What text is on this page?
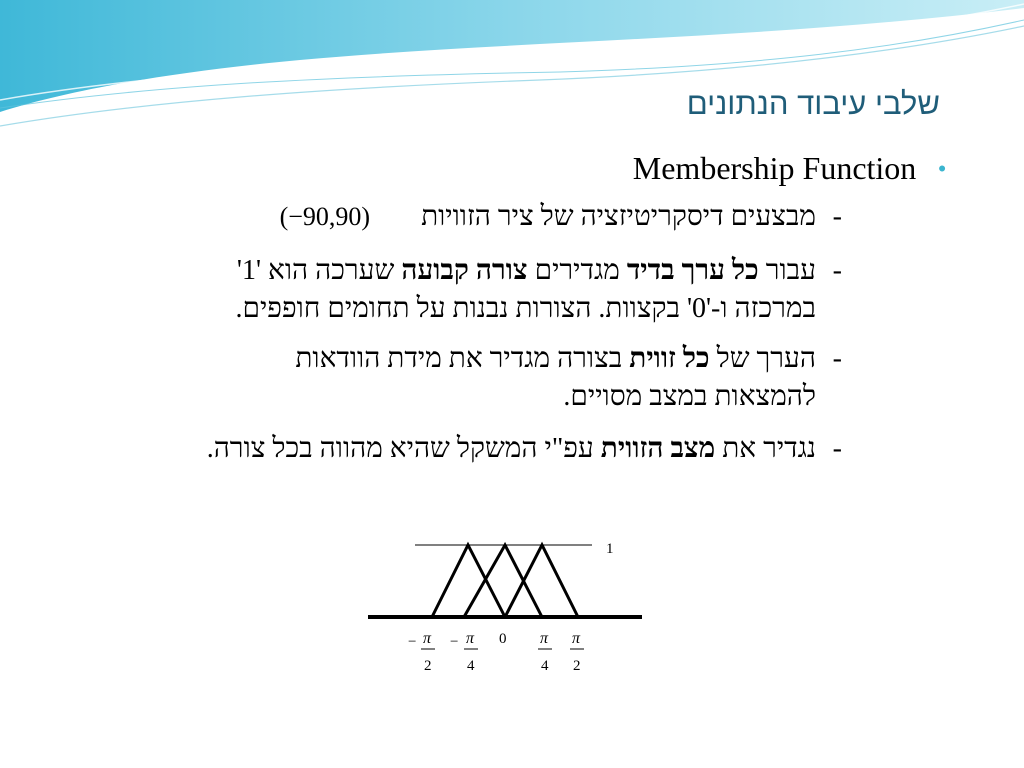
שלבי עיבוד הנתונים
•
Membership Function
-מבצעים דיסקריטיזציה של ציר הזוויות (−90,90)
-עבור כל ערך בדיד מגדירים צורה קבועה שערכה הוא '1'
במרכזה ו-'0' בקצוות. הצורות נבנות על תחומים חופפים.
-הערך של כל זווית בצורה מגדיר את מידת הוודאות
להמצאות במצב מסויים.
-נגדיר את מצב הזווית עפ"י המשקל שהיא מהווה בכל צורה.
1
0
− π
2
− π
4
π
4
π
2
